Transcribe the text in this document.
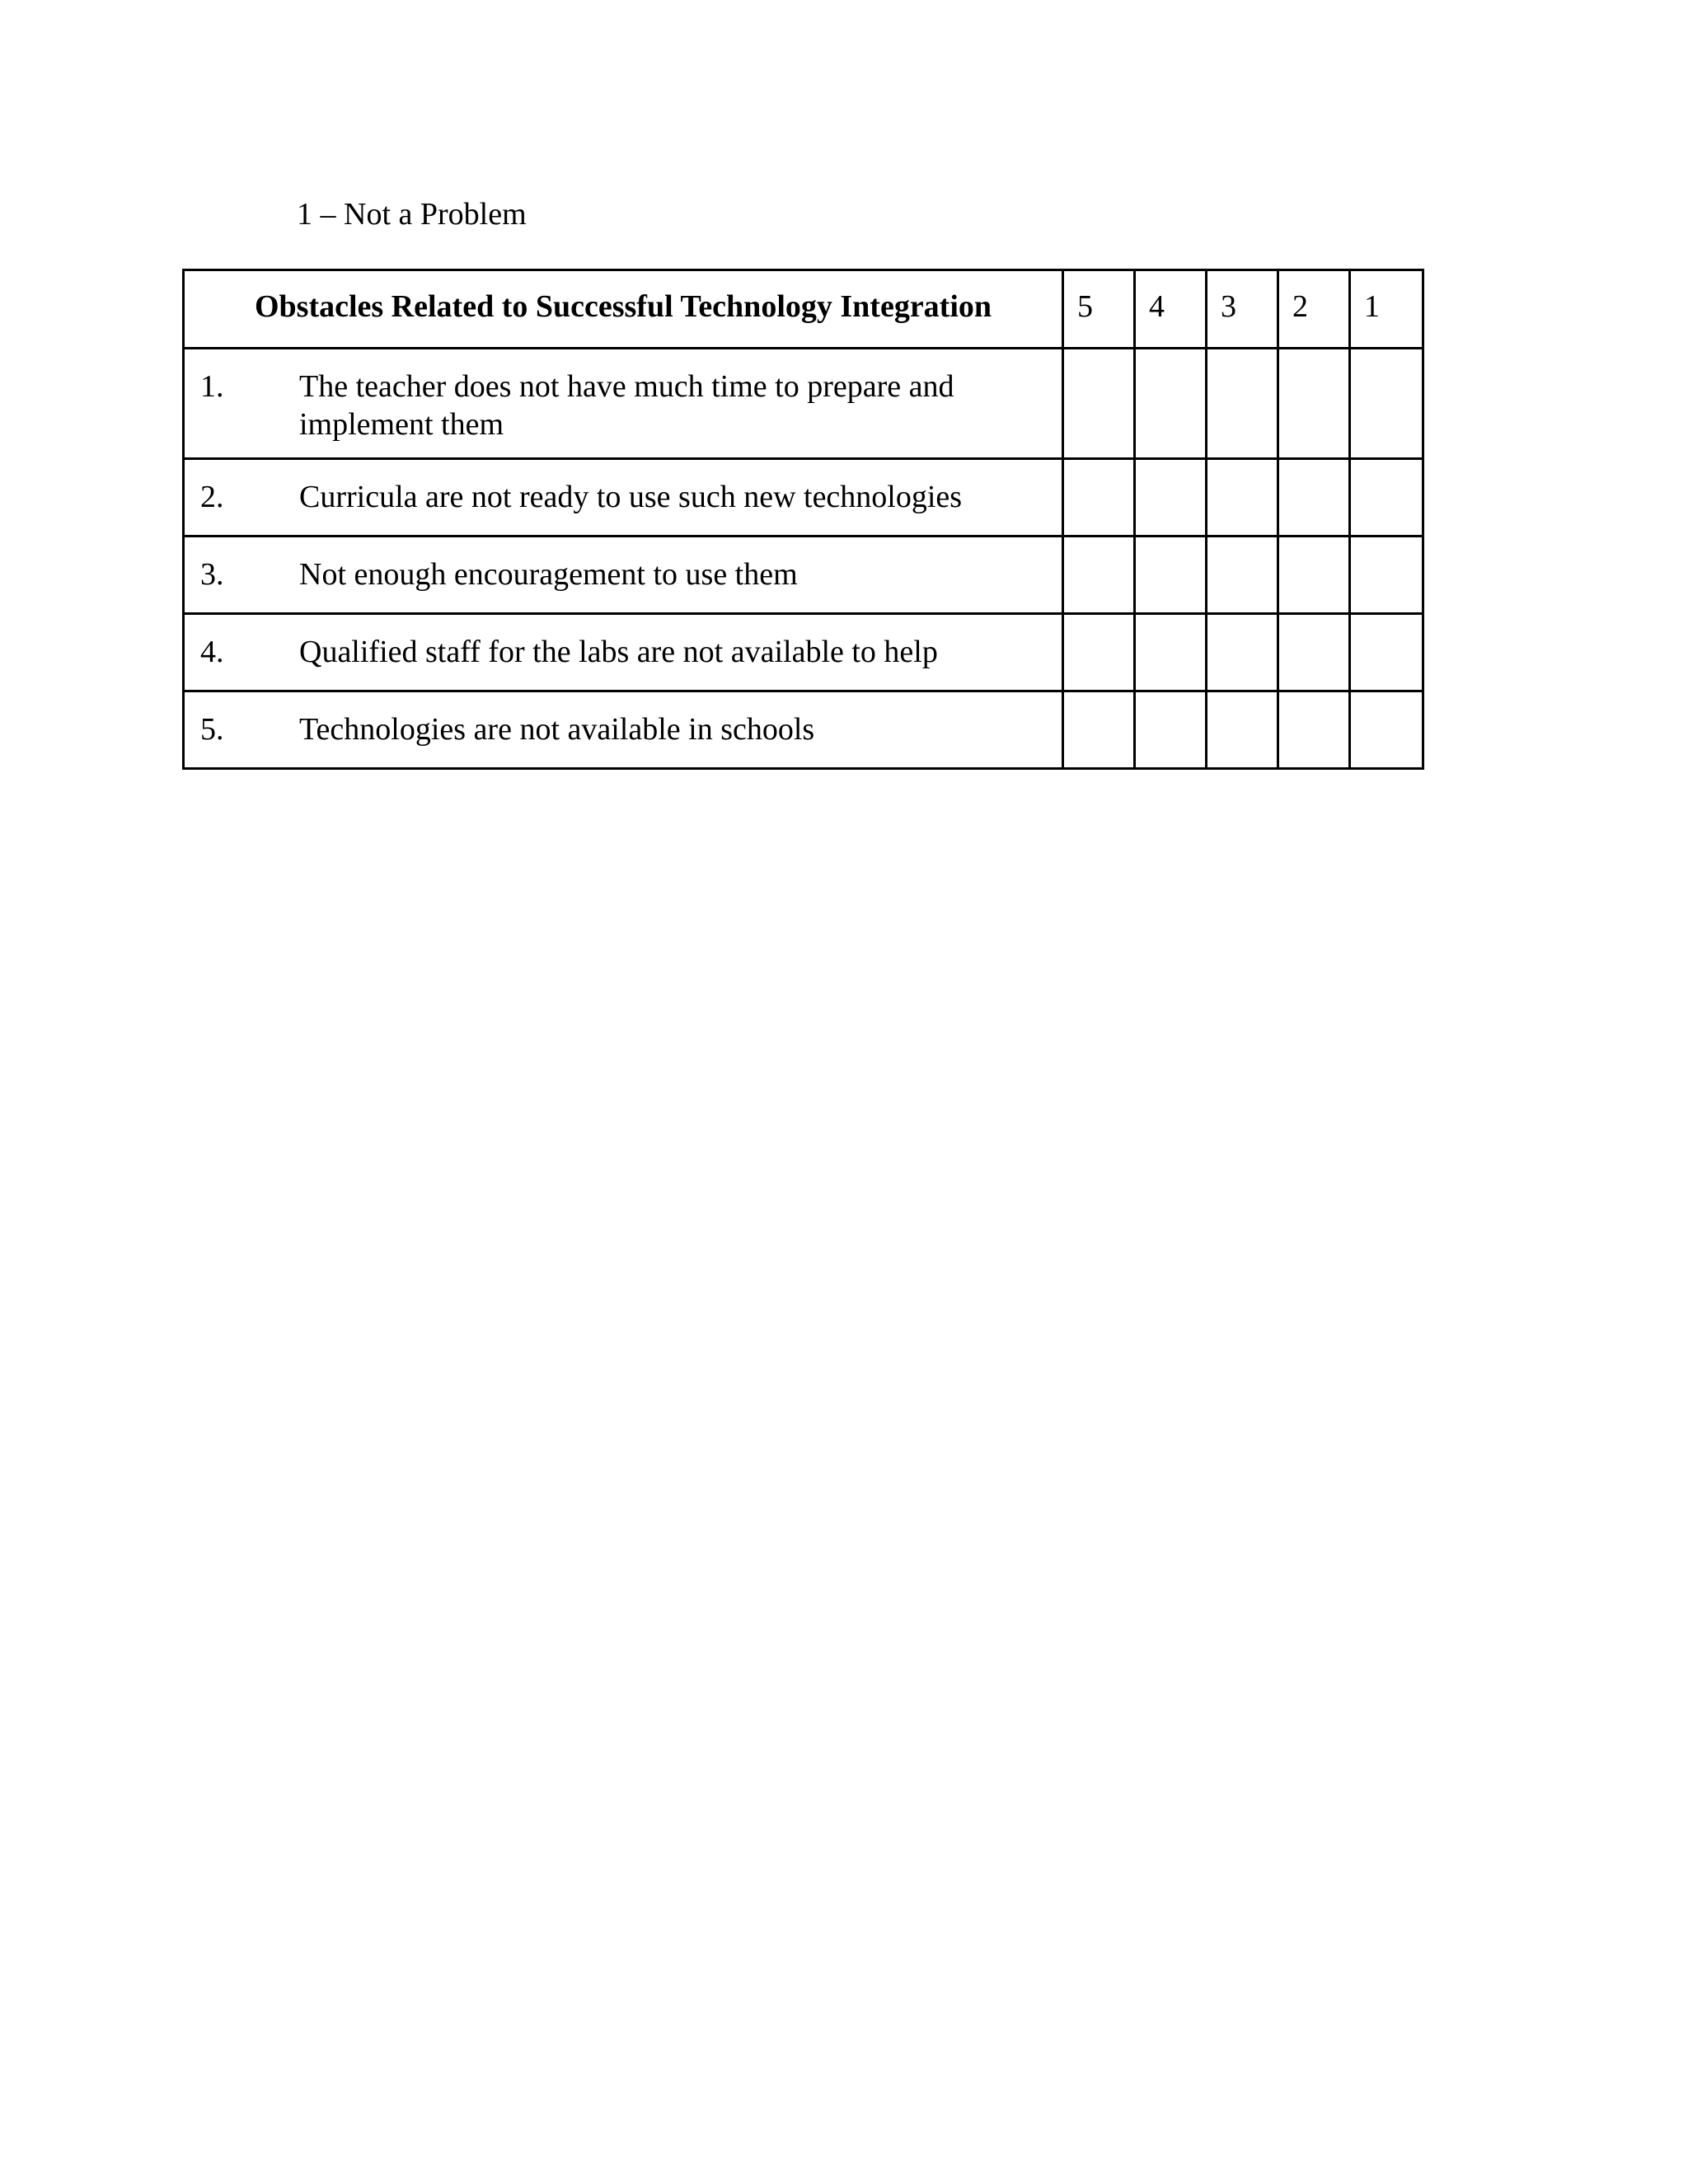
1 – Not a Problem
Obstacles Related to Successful Technology Integration	5	4	3	2	1

1. The teacher does not have much time to prepare and implement them					

2. Curricula are not ready to use such new technologies					

3. Not enough encouragement to use them					

4. Qualified staff for the labs are not available to help					

5. Technologies are not available in schools					
